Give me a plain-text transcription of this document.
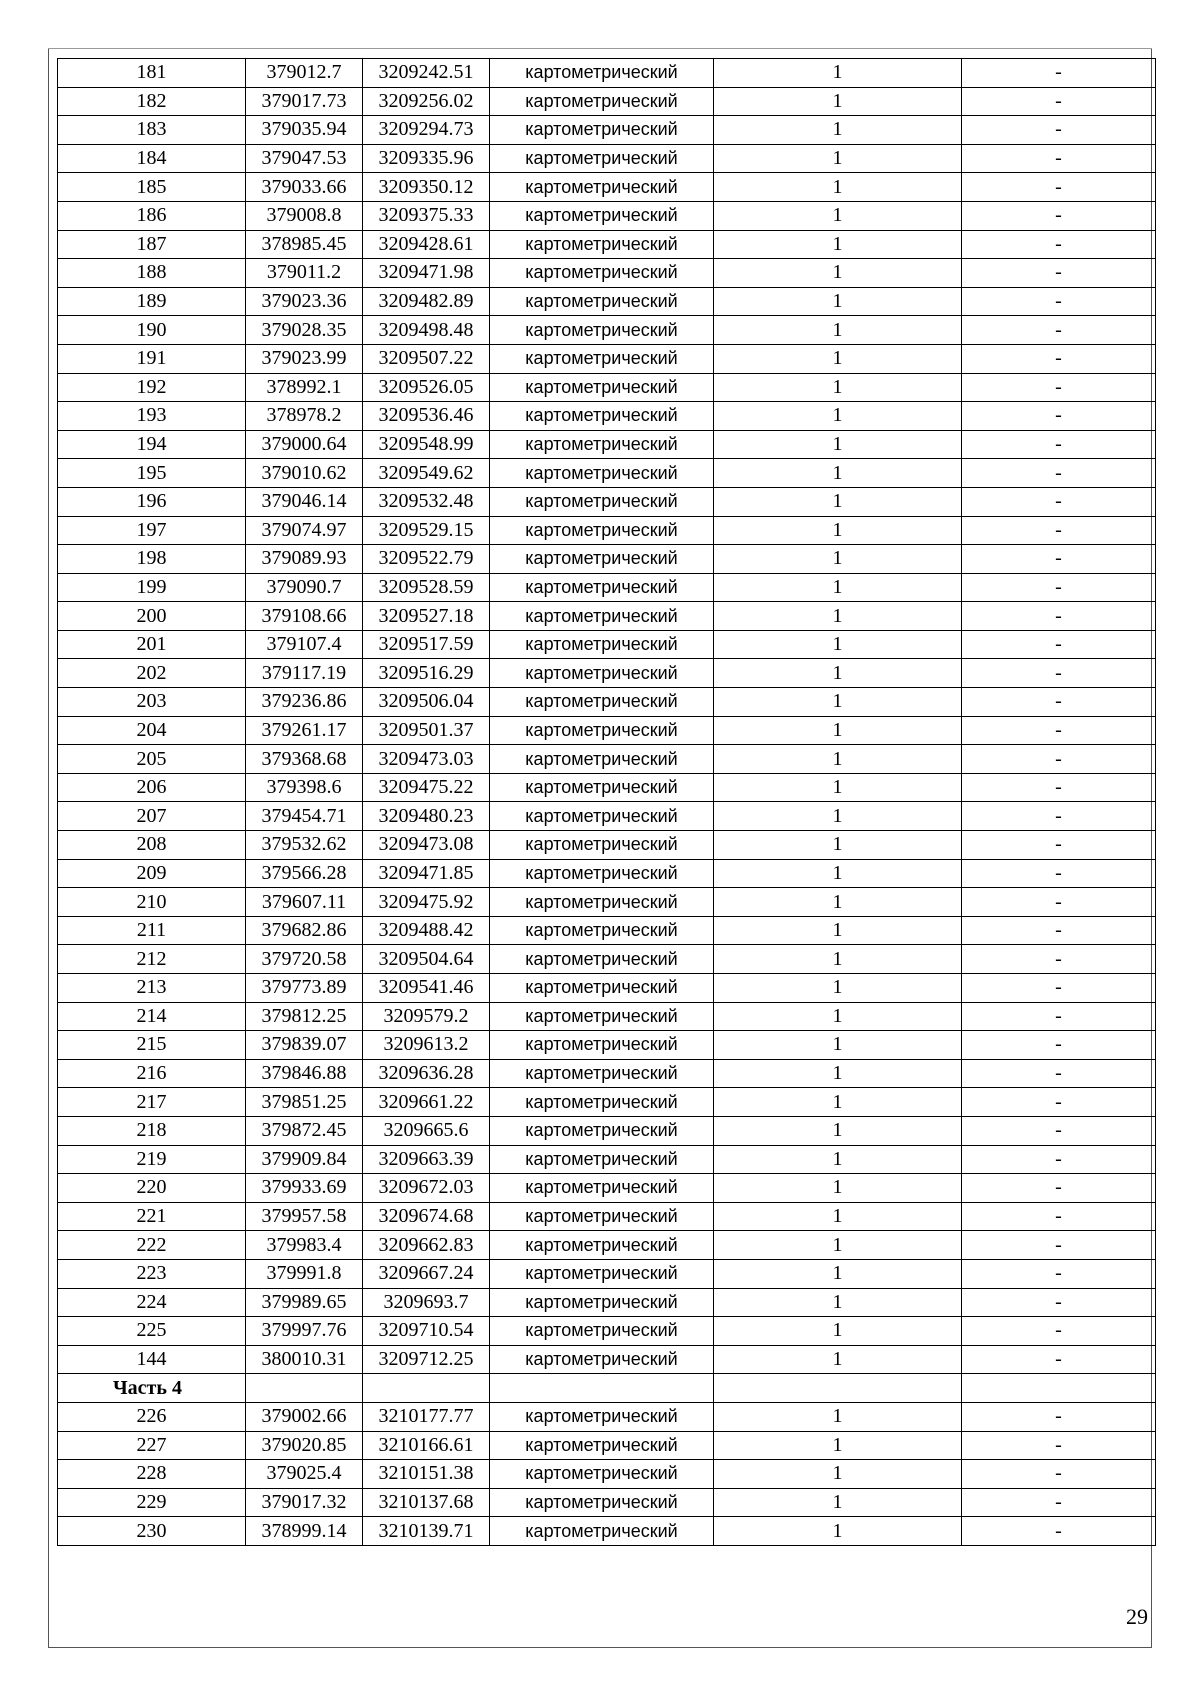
181	379012.7	3209242.51	картометрический	1	-
182	379017.73	3209256.02	картометрический	1	-
183	379035.94	3209294.73	картометрический	1	-
184	379047.53	3209335.96	картометрический	1	-
185	379033.66	3209350.12	картометрический	1	-
186	379008.8	3209375.33	картометрический	1	-
187	378985.45	3209428.61	картометрический	1	-
188	379011.2	3209471.98	картометрический	1	-
189	379023.36	3209482.89	картометрический	1	-
190	379028.35	3209498.48	картометрический	1	-
191	379023.99	3209507.22	картометрический	1	-
192	378992.1	3209526.05	картометрический	1	-
193	378978.2	3209536.46	картометрический	1	-
194	379000.64	3209548.99	картометрический	1	-
195	379010.62	3209549.62	картометрический	1	-
196	379046.14	3209532.48	картометрический	1	-
197	379074.97	3209529.15	картометрический	1	-
198	379089.93	3209522.79	картометрический	1	-
199	379090.7	3209528.59	картометрический	1	-
200	379108.66	3209527.18	картометрический	1	-
201	379107.4	3209517.59	картометрический	1	-
202	379117.19	3209516.29	картометрический	1	-
203	379236.86	3209506.04	картометрический	1	-
204	379261.17	3209501.37	картометрический	1	-
205	379368.68	3209473.03	картометрический	1	-
206	379398.6	3209475.22	картометрический	1	-
207	379454.71	3209480.23	картометрический	1	-
208	379532.62	3209473.08	картометрический	1	-
209	379566.28	3209471.85	картометрический	1	-
210	379607.11	3209475.92	картометрический	1	-
211	379682.86	3209488.42	картометрический	1	-
212	379720.58	3209504.64	картометрический	1	-
213	379773.89	3209541.46	картометрический	1	-
214	379812.25	3209579.2	картометрический	1	-
215	379839.07	3209613.2	картометрический	1	-
216	379846.88	3209636.28	картометрический	1	-
217	379851.25	3209661.22	картометрический	1	-
218	379872.45	3209665.6	картометрический	1	-
219	379909.84	3209663.39	картометрический	1	-
220	379933.69	3209672.03	картометрический	1	-
221	379957.58	3209674.68	картометрический	1	-
222	379983.4	3209662.83	картометрический	1	-
223	379991.8	3209667.24	картометрический	1	-
224	379989.65	3209693.7	картометрический	1	-
225	379997.76	3209710.54	картометрический	1	-
144	380010.31	3209712.25	картометрический	1	-
Часть 4					
226	379002.66	3210177.77	картометрический	1	-
227	379020.85	3210166.61	картометрический	1	-
228	379025.4	3210151.38	картометрический	1	-
229	379017.32	3210137.68	картометрический	1	-
230	378999.14	3210139.71	картометрический	1	-
29
